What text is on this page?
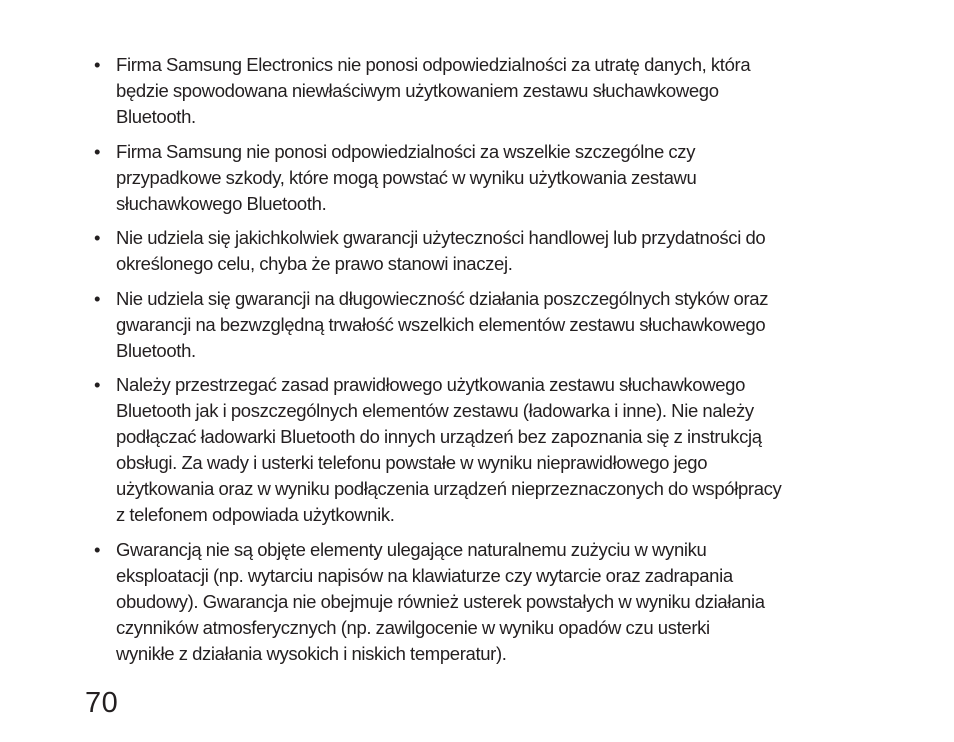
• Firma Samsung Electronics nie ponosi odpowiedzialności za utratę danych, która
będzie spowodowana niewłaściwym użytkowaniem zestawu słuchawkowego
Bluetooth.
• Firma Samsung nie ponosi odpowiedzialności za wszelkie szczególne czy
przypadkowe szkody, które mogą powstać w wyniku użytkowania zestawu
słuchawkowego Bluetooth.
• Nie udziela się jakichkolwiek gwarancji użyteczności handlowej lub przydatności do
określonego celu, chyba że prawo stanowi inaczej.
• Nie udziela się gwarancji na długowieczność działania poszczególnych styków oraz
gwarancji na bezwzględną trwałość wszelkich elementów zestawu słuchawkowego
Bluetooth.
• Należy przestrzegać zasad prawidłowego użytkowania zestawu słuchawkowego
Bluetooth jak i poszczególnych elementów zestawu (ładowarka i inne). Nie należy
podłączać ładowarki Bluetooth do innych urządzeń bez zapoznania się z instrukcją
obsługi. Za wady i usterki telefonu powstałe w wyniku nieprawidłowego jego
użytkowania oraz w wyniku podłączenia urządzeń nieprzeznaczonych do współpracy
z telefonem odpowiada użytkownik.
• Gwarancją nie są objęte elementy ulegające naturalnemu zużyciu w wyniku
eksploatacji (np. wytarciu napisów na klawiaturze czy wytarcie oraz zadrapania
obudowy). Gwarancja nie obejmuje również usterek powstałych w wyniku działania
czynników atmosferycznych (np. zawilgocenie w wyniku opadów czu usterki
wynikłe z działania wysokich i niskich temperatur).
70
